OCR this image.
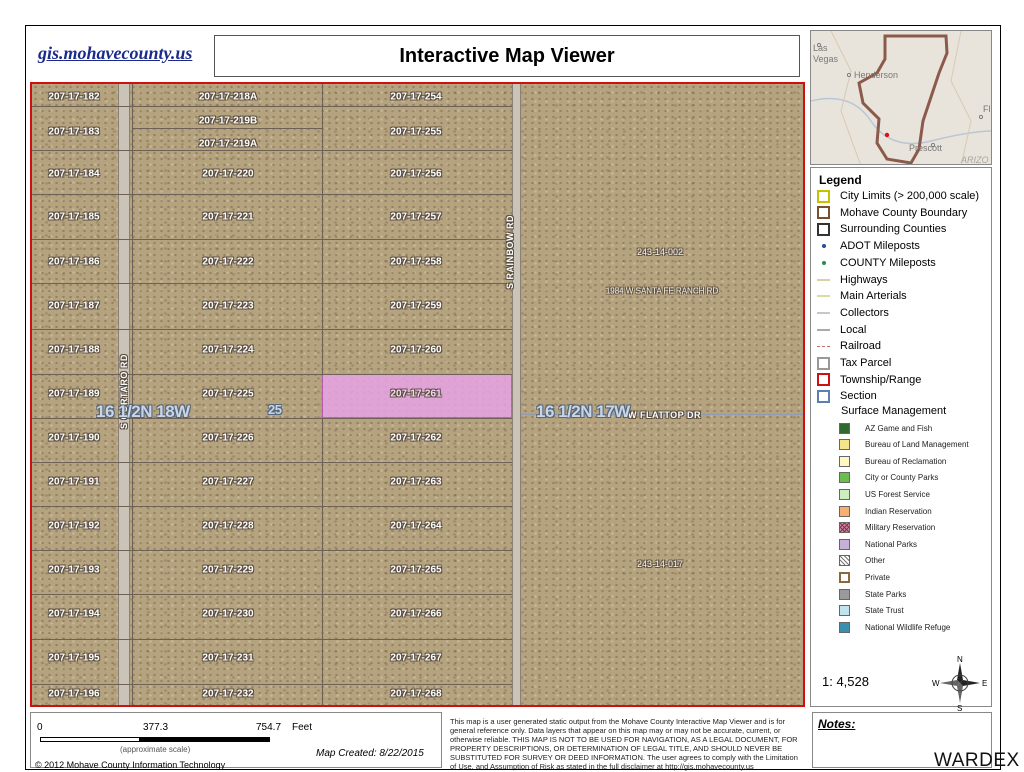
gis.mohavecounty.us	Interactive Map Viewer
207-17-182
207-17-183
207-17-184
207-17-185
207-17-186
207-17-187
207-17-188
207-17-189
207-17-190
207-17-191
207-17-192
207-17-193
207-17-194
207-17-195
207-17-196
207-17-218A
207-17-219B
207-17-219A
207-17-220
207-17-221
207-17-222
207-17-223
207-17-224
207-17-225
207-17-226
207-17-227
207-17-228
207-17-229
207-17-230
207-17-231
207-17-232
207-17-254
207-17-255
207-17-256
207-17-257
207-17-258
207-17-259
207-17-260
207-17-261
207-17-262
207-17-263
207-17-264
207-17-265
207-17-266
207-17-267
207-17-268
243-14-002
243-14-017
1984 W SANTA FE RANCH RD
S CORTARO RD
S RAINBOW RD
W FLATTOP DR
16 1/2N 18W	16 1/2N 17W
25
Las
Vegas
Henderson
Prescott
ARIZO
Fl
Legend
City Limits (> 200,000 scale)
Mohave County Boundary
Surrounding Counties
ADOT Mileposts
COUNTY Mileposts
Highways
Main Arterials
Collectors
Local
Railroad
Tax Parcel
Township/Range
Section
Surface Management
AZ Game and Fish
Bureau of Land Management
Bureau of Reclamation
City or County Parks
US Forest Service
Indian Reservation
Military Reservation
National Parks
Other
Private
State Parks
State Trust
National Wildlife Refuge
1: 4,528
N
S
W	E
0	377.3	754.7 Feet
(approximate scale)	Map Created: 8/22/2015
© 2012 Mohave County Information Technology
This map is a user generated static output from the Mohave County Interactive Map Viewer and is for general reference only. Data layers that appear on this map may or may not be accurate, current, or otherwise reliable. THIS MAP IS NOT TO BE USED FOR NAVIGATION, AS A LEGAL DOCUMENT, FOR PROPERTY DESCRIPTIONS, OR DETERMINATION OF LEGAL TITLE, AND SHOULD NEVER BE SUBSTITUTED FOR SURVEY OR DEED INFORMATION. The user agrees to comply with the Limitation of Use, and Assumption of Risk as stated in the full disclaimer at http://gis.mohavecounty.us
Notes:
WARDEX
